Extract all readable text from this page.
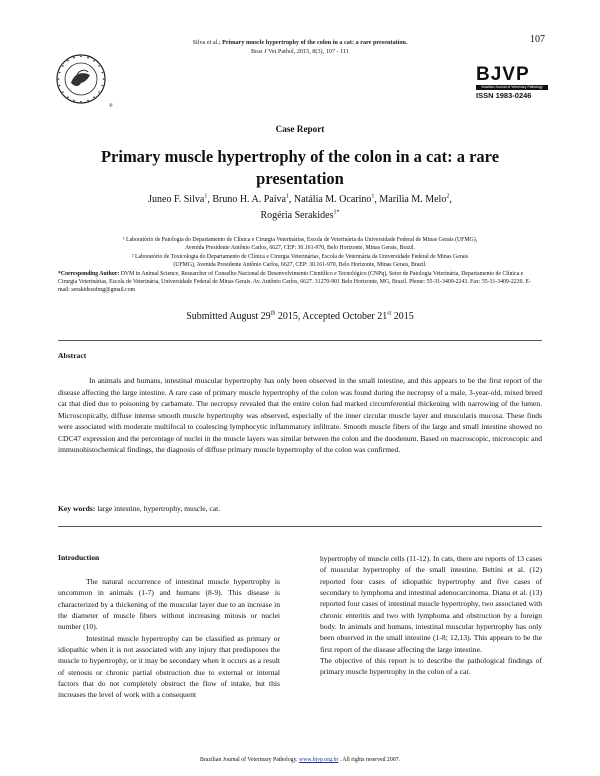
Silva et al.; Primary muscle hypertrophy of the colon in a cat: a rare presentation.
Braz J Vet Pathol, 2015, 8(3), 107 - 111
107
®
BJVP
Brazilian Journal of Veterinary Pathology
ISSN 1983-0246
Case Report
Primary muscle hypertrophy of the colon in a cat: a rare presentation
Juneo F. Silva$^1$, Bruno H. A. Paiva$^1$, Natália M. Ocarino$^1$, Marília M. Melo$^2$,
Rogéria Serakides$^{1*}$
¹ Laboratório de Patologia do Departamento de Clínica e Cirurgia Veterinárias, Escola de Veterinária da Universidade Federal de Minas Gerais (UFMG),
Avenida Presidente Antônio Carlos, 6627, CEP: 30.161-970, Belo Horizonte, Minas Gerais, Brazil.
² Laboratório de Toxicologia do Departamento de Clínica e Cirurgia Veterinárias, Escola de Veterinária da Universidade Federal de Minas Gerais
(UFMG), Avenida Presidente Antônio Carlos, 6627, CEP: 30.161-970, Belo Horizonte, Minas Gerais, Brazil.
*Corresponding Author: DVM in Animal Science, Researcher of Conselho Nacional de Desenvolvimento Científico e Tecnológico (CNPq), Setor de Patologia Veterinária, Departamento de Clínica e Cirurgia Veterinárias, Escola de Veterinária, Universidade Federal de Minas Gerais. Av. Antônio Carlos, 6627. 31270-901 Belo Horizonte, MG, Brazil. Phone: 55-31-3409-2243. Fax: 55-31-3409-2230. E-mail: serakidesufmg@gmail.com
Submitted August 29th 2015, Accepted October 21st 2015
Abstract
In animals and humans, intestinal muscular hypertrophy has only been observed in the small intestine, and this appears to be the first report of the disease affecting the large intestine. A rare case of primary muscle hypertrophy of the colon was found during the necropsy of a male, 3-year-old, mixed breed cat that died due to poisoning by carbamate. The necropsy revealed that the entire colon had marked circumferential thickening with narrowing of the lumen. Microscopically, diffuse intense smooth muscle hypertrophy was observed, especially of the inner circular muscle layer and muscularis mucosa. These finds were associated with moderate multifocal to coalescing lymphocytic inflammatory infiltrate. Smooth muscle fibers of the large and small intestine showed no CDC47 expression and the percentage of nuclei in the muscle layers was similar between the colon and the duodenum. Based on macroscopic, microscopic and immunohistochemical findings, the diagnosis of diffuse primary muscle hypertrophy of the colon was confirmed.
Key words: large intestine, hypertrophy, muscle, cat.
Introduction

The natural occurrence of intestinal muscle hypertrophy is uncommon in animals (1-7) and humans (8-9). This disease is characterized by a thickening of the muscular layer due to an increase in the diameter of muscle fibers without increasing mitosis or nuclei number (10).

Intestinal muscle hypertrophy can be classified as primary or idiopathic when it is not associated with any injury that predisposes the muscle to hypertrophy, or it may be secondary when it occurs as a result of stenosis or chronic partial obstruction due to external or internal factors that do not completely obstruct the flow of intake, but this increases the level of work with a consequent

hypertrophy of muscle cells (11-12). In cats, there are reports of 13 cases of muscular hypertrophy of the small intestine. Bettini et al. (12) reported four cases of idiopathic hypertrophy and five cases of secondary to lymphoma and intestinal adenocarcinoma. Diana et al. (13) reported four cases of intestinal muscle hypertrophy, two associated with chronic enteritis and two with lymphoma and obstruction by a foreign body. In animals and humans, intestinal muscular hypertrophy has only been observed in the small intestine (1-8; 12,13). This appears to be the first report of the disease affecting the large intestine.

The objective of this report is to describe the pathological findings of primary muscle hypertrophy in the colon of a cat.

Brazilian Journal of Veterinary Pathology. www.bjvp.org.br . All rights reserved 2007.
